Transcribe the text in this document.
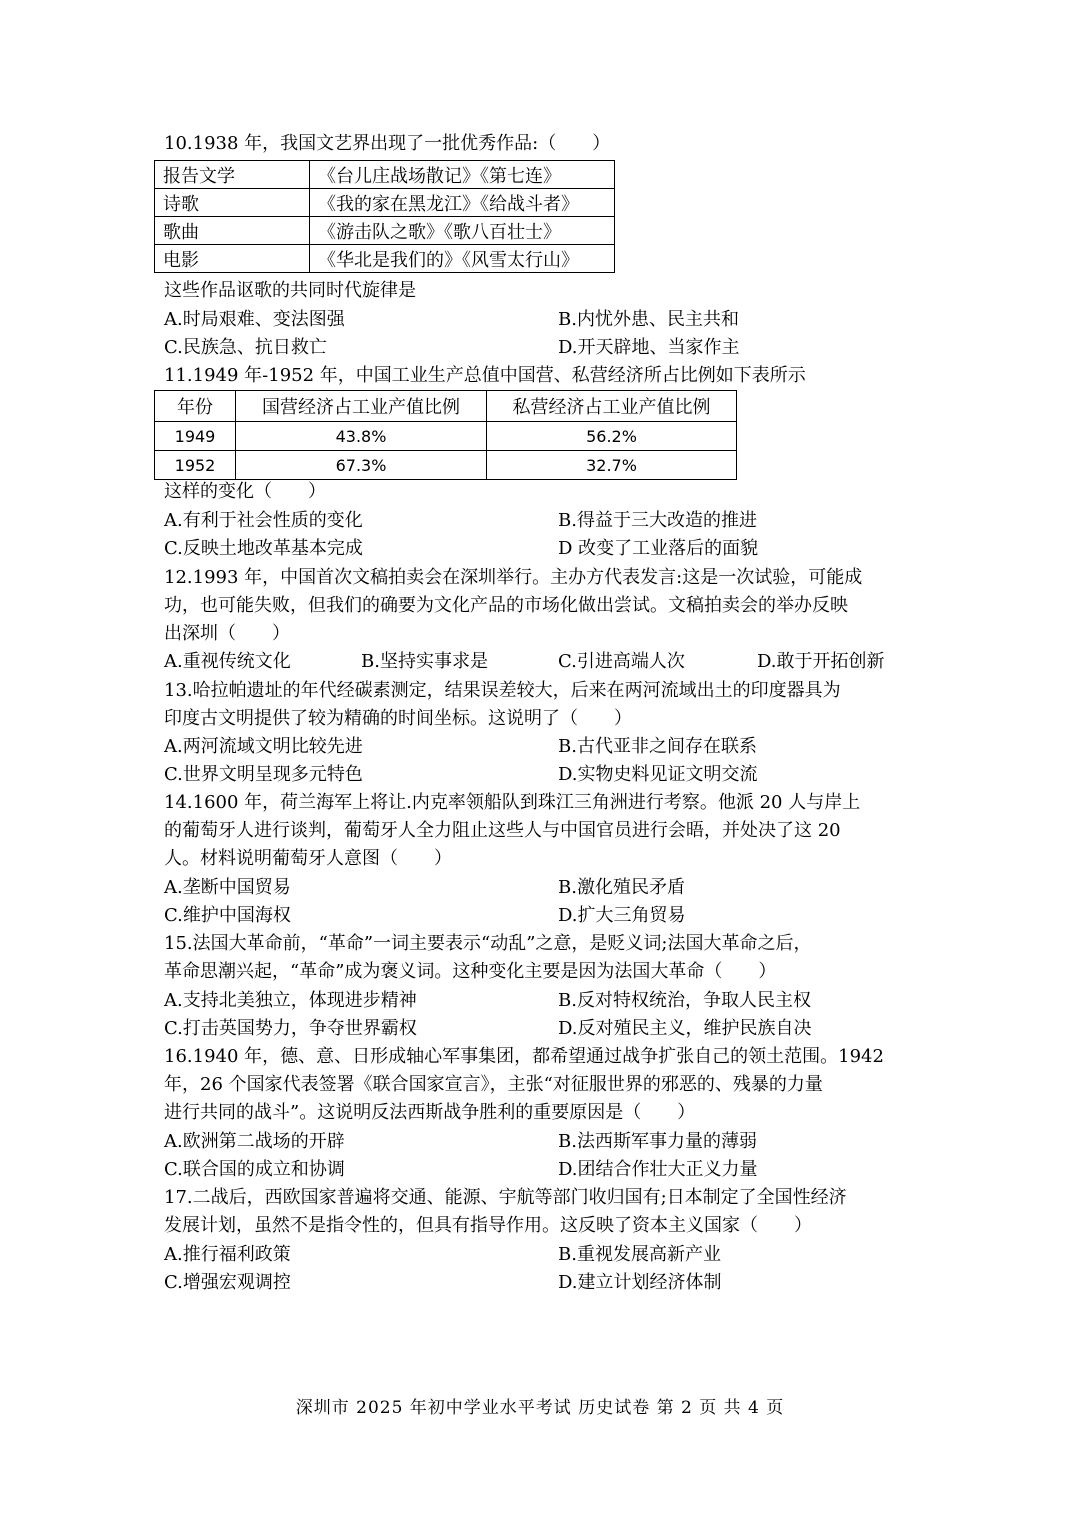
10.1938 年，我国文艺界出现了一批优秀作品:（　　）
报告文学	《台儿庄战场散记》《第七连》
诗歌	《我的家在黑龙江》《给战斗者》
歌曲	《游击队之歌》《歌八百壮士》
电影	《华北是我们的》《风雪太行山》
这些作品讴歌的共同时代旋律是
A.时局艰难、变法图强	B.内忧外患、民主共和
C.民族急、抗日救亡	D.开天辟地、当家作主
11.1949 年-1952 年，中国工业生产总值中国营、私营经济所占比例如下表所示
年份	国营经济占工业产值比例	私营经济占工业产值比例
1949	43.8%	56.2%
1952	67.3%	32.7%
这样的变化（　　）
A.有利于社会性质的变化	B.得益于三大改造的推进
C.反映土地改革基本完成	D 改变了工业落后的面貌
12.1993 年，中国首次文稿拍卖会在深圳举行。主办方代表发言:这是一次试验，可能成
功，也可能失败，但我们的确要为文化产品的市场化做出尝试。文稿拍卖会的举办反映
出深圳（　　）
A.重视传统文化	B.坚持实事求是	C.引进高端人次	D.敢于开拓创新
13.哈拉帕遗址的年代经碳素测定，结果误差较大，后来在两河流域出土的印度器具为
印度古文明提供了较为精确的时间坐标。这说明了（　　）
A.两河流域文明比较先进	B.古代亚非之间存在联系
C.世界文明呈现多元特色	D.实物史料见证文明交流
14.1600 年，荷兰海军上将让.内克率领船队到珠江三角洲进行考察。他派 20 人与岸上
的葡萄牙人进行谈判，葡萄牙人全力阻止这些人与中国官员进行会晤，并处决了这 20
人。材料说明葡萄牙人意图（　　）
A.垄断中国贸易	B.激化殖民矛盾
C.维护中国海权	D.扩大三角贸易
15.法国大革命前，“革命”一词主要表示“动乱”之意，是贬义词;法国大革命之后，
革命思潮兴起，“革命”成为褒义词。这种变化主要是因为法国大革命（　　）
A.支持北美独立，体现进步精神	B.反对特权统治，争取人民主权
C.打击英国势力，争夺世界霸权	D.反对殖民主义，维护民族自决
16.1940 年，德、意、日形成轴心军事集团，都希望通过战争扩张自己的领土范围。1942
年，26 个国家代表签署《联合国家宣言》，主张“对征服世界的邪恶的、残暴的力量
进行共同的战斗”。这说明反法西斯战争胜利的重要原因是（　　）
A.欧洲第二战场的开辟	B.法西斯军事力量的薄弱
C.联合国的成立和协调	D.团结合作壮大正义力量
17.二战后，西欧国家普遍将交通、能源、宇航等部门收归国有;日本制定了全国性经济
发展计划，虽然不是指令性的，但具有指导作用。这反映了资本主义国家（　　）
A.推行福利政策	B.重视发展高新产业
C.增强宏观调控	D.建立计划经济体制
深圳市 2025 年初中学业水平考试 历史试卷 第 2 页 共 4 页
